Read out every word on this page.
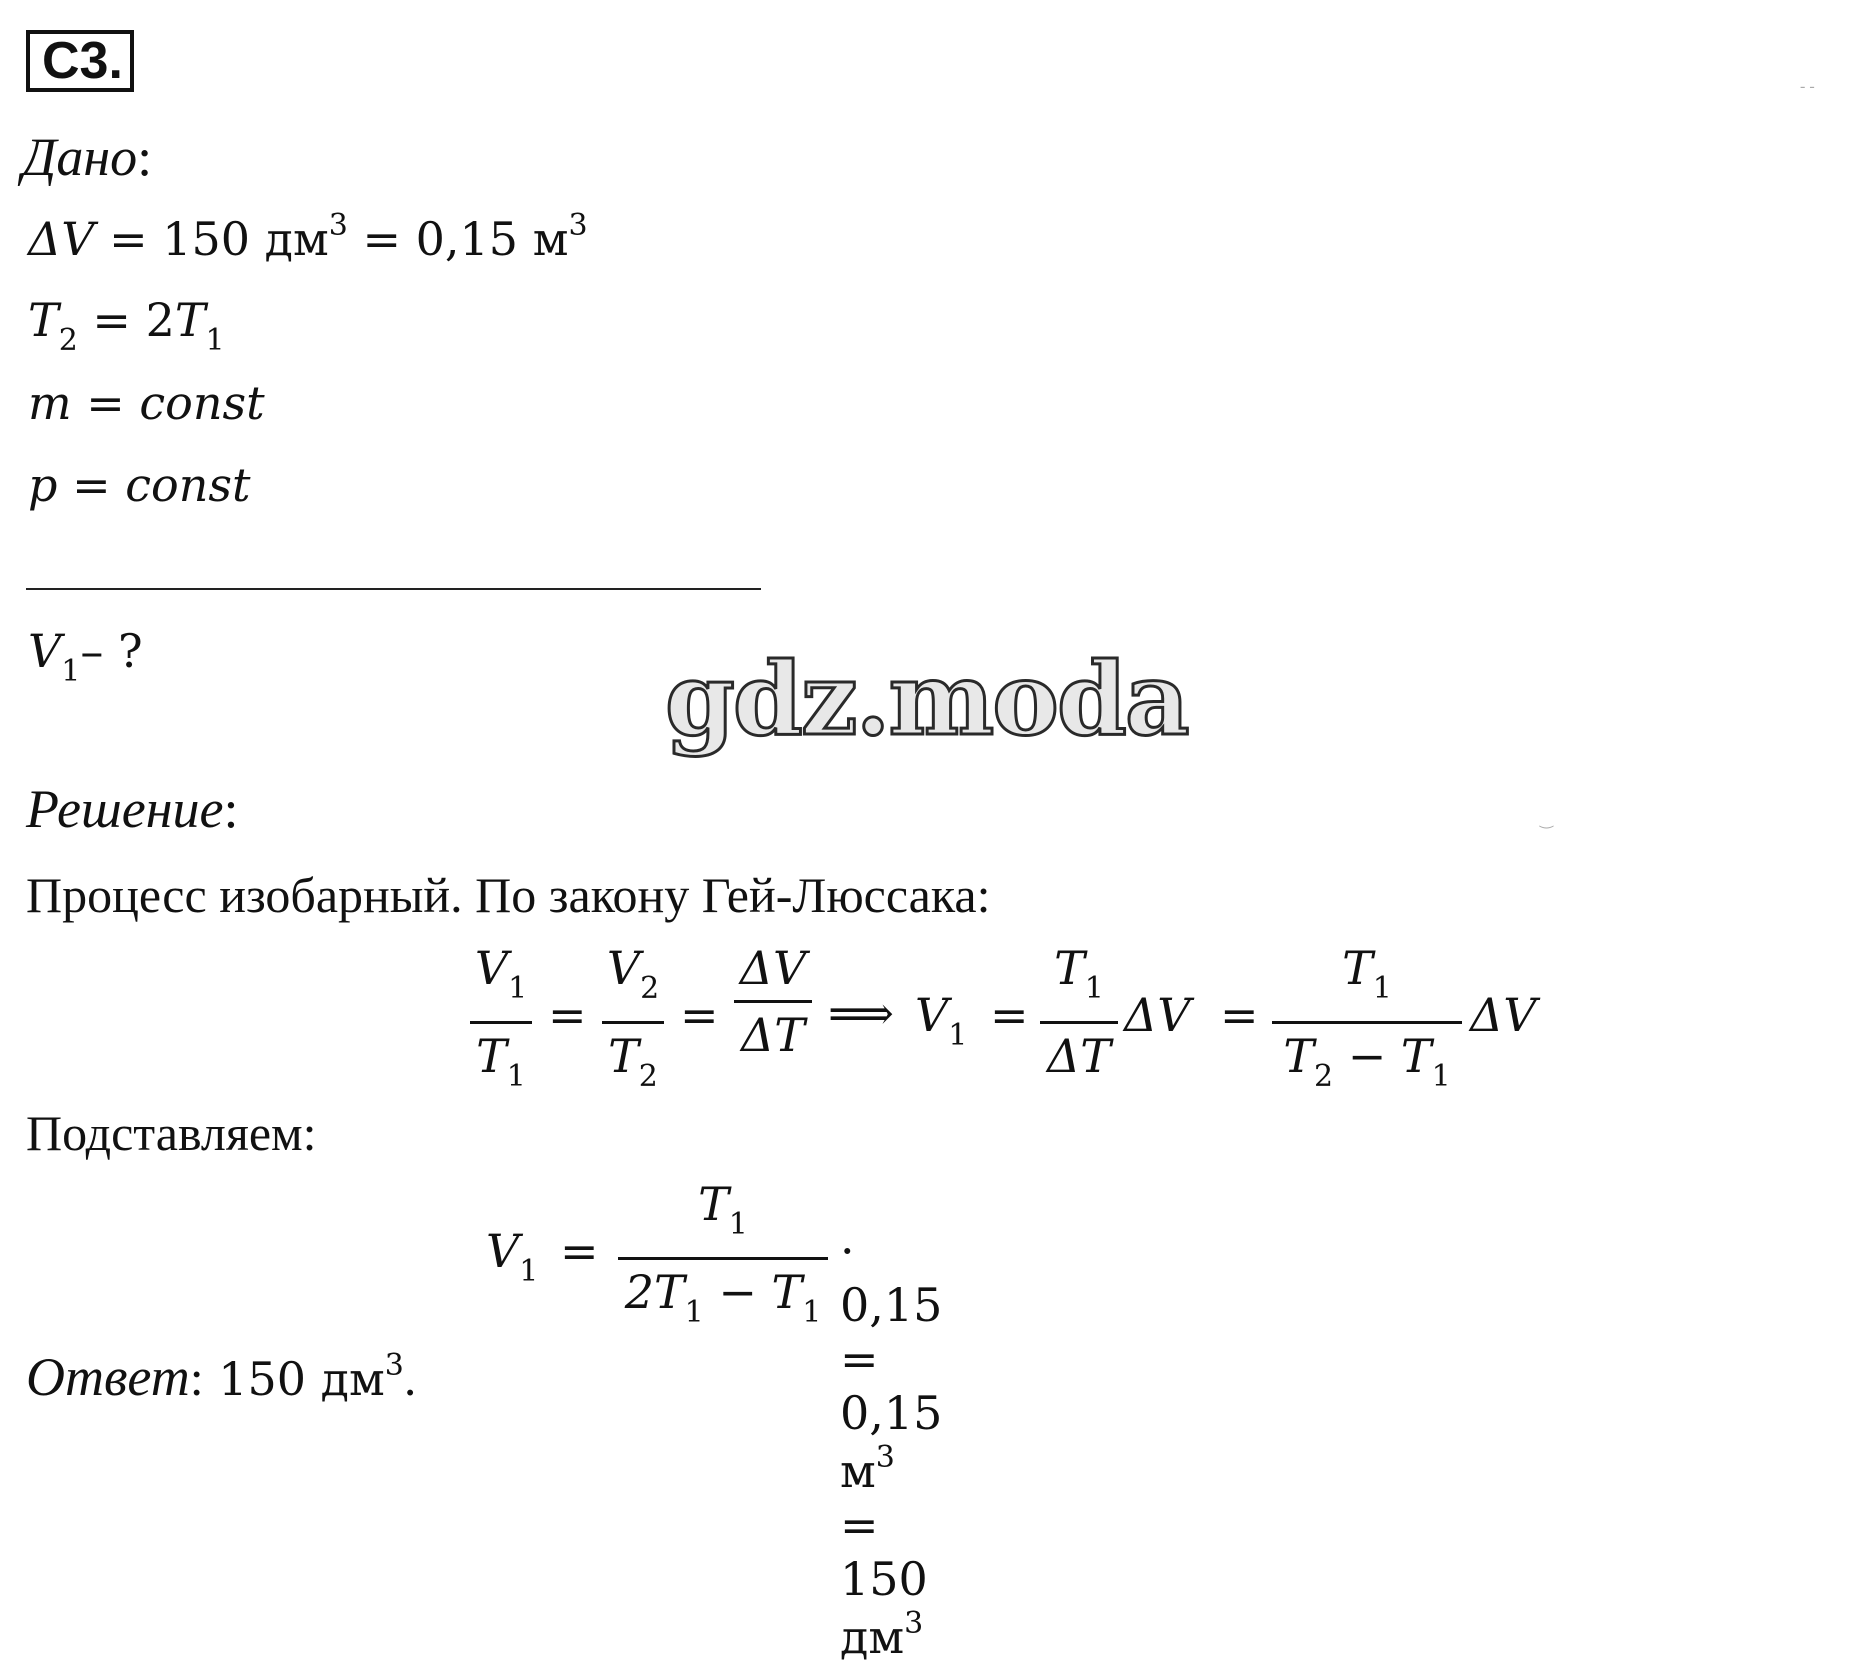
С3.	- -
Дано:
ΔV = 150 $дм^3 = 0,15$ $м^3$
$T_2 = 2T_1$
m = const
p = const
$V_1-$ ?	gdz.moda
Решение:	‿
Процесс изобарный. По закону Гей-Люссака:
$V_1$
$T_1$
=
$V_2$
$T_2$
=
ΔV
ΔT ⟹ $V_1$ =
$T_1$
ΔT
ΔV =
$T_1$
$T_2 - T_1$
ΔV
Подставляем:
$V_1$ =
$T_1$
$2T_1 - T_1$
· 0,15 = 0,15 $м^3 = 150$ $дм^3$
Ответ: 150 $дм^3$.
